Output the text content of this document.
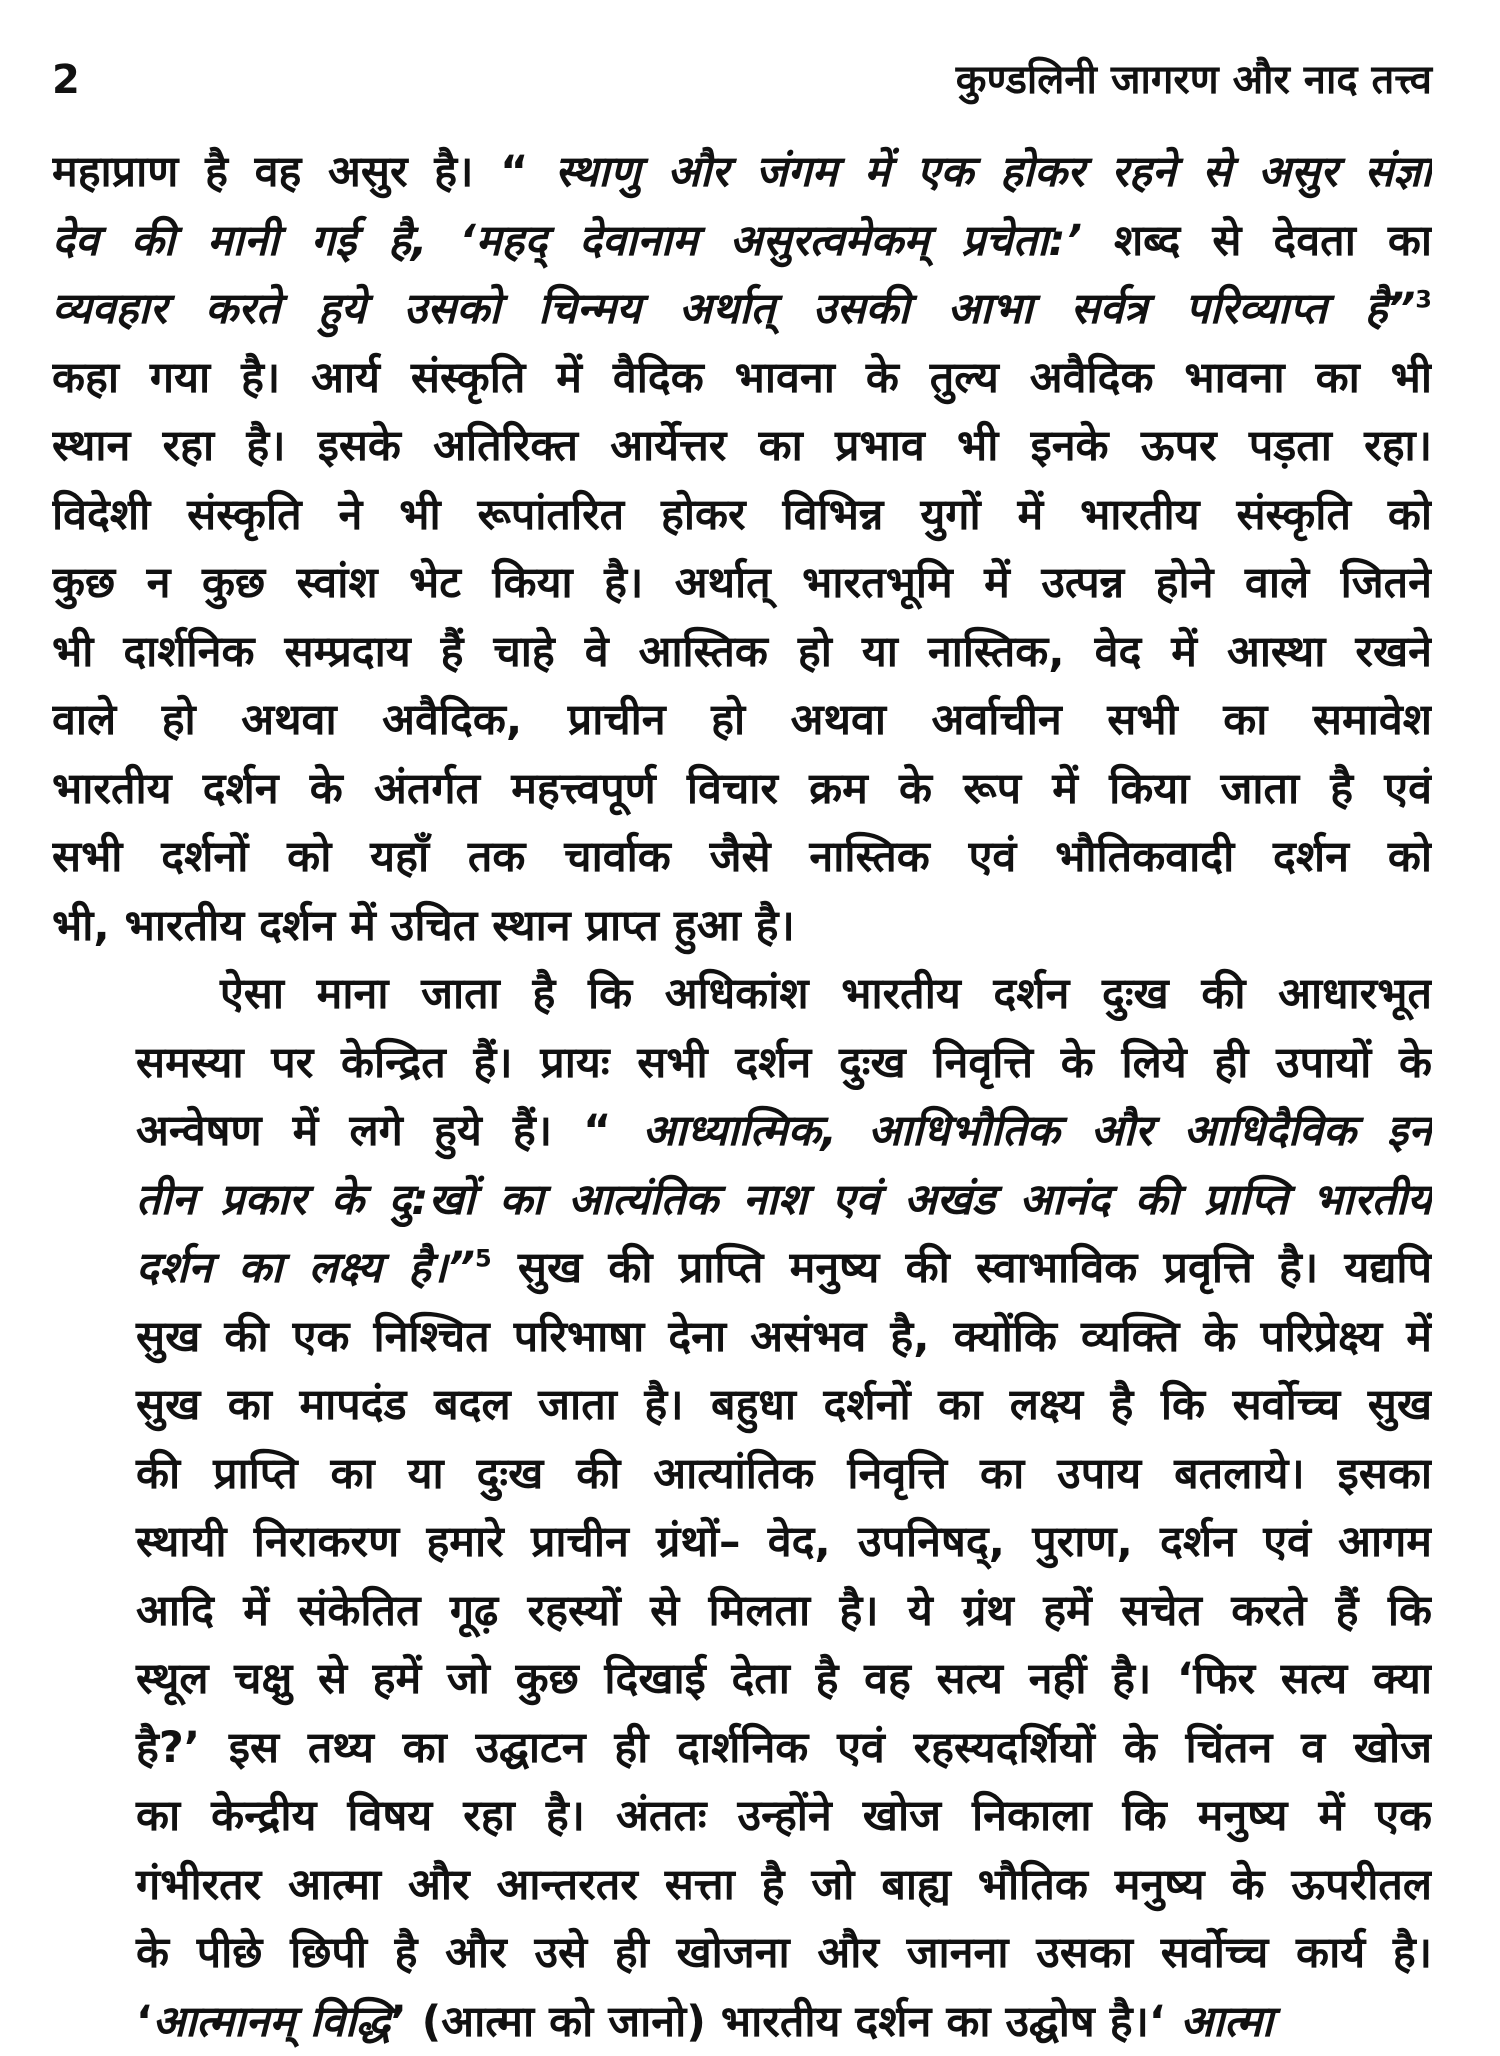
2	कुण्डलिनी जागरण और नाद तत्त्व
महाप्राण है वह असुर है। “ स्थाणु और जंगम में एक होकर रहने से असुर संज्ञा
देव की मानी गई है, ‘महद् देवानाम असुरत्वमेकम् प्रचेता:’ शब्द से देवता का
व्यवहार करते हुये उसको चिन्मय अर्थात् उसकी आभा सर्वत्र परिव्याप्त है”$^3$
कहा गया है। आर्य संस्कृति में वैदिक भावना के तुल्य अवैदिक भावना का भी
स्थान रहा है। इसके अतिरिक्त आर्येत्तर का प्रभाव भी इनके ऊपर पड़ता रहा।
विदेशी संस्कृति ने भी रूपांतरित होकर विभिन्न युगों में भारतीय संस्कृति को
कुछ न कुछ स्वांश भेट किया है। अर्थात् भारतभूमि में उत्पन्न होने वाले जितने
भी दार्शनिक सम्प्रदाय हैं चाहे वे आस्तिक हो या नास्तिक, वेद में आस्था रखने
वाले हो अथवा अवैदिक, प्राचीन हो अथवा अर्वाचीन सभी का समावेश
भारतीय दर्शन के अंतर्गत महत्त्वपूर्ण विचार क्रम के रूप में किया जाता है एवं
सभी दर्शनों को यहाँ तक चार्वाक जैसे नास्तिक एवं भौतिकवादी दर्शन को
भी, भारतीय दर्शन में उचित स्थान प्राप्त हुआ है।
ऐसा माना जाता है कि अधिकांश भारतीय दर्शन दुःख की आधारभूत
समस्या पर केन्द्रित हैं। प्रायः सभी दर्शन दुःख निवृत्ति के लिये ही उपायों के
अन्वेषण में लगे हुये हैं। “ आध्यात्मिक, आधिभौतिक और आधिदैविक इन
तीन प्रकार के दु:खों का आत्यंतिक नाश एवं अखंड आनंद की प्राप्ति भारतीय
दर्शन का लक्ष्य है।”$^5$ सुख की प्राप्ति मनुष्य की स्वाभाविक प्रवृत्ति है। यद्यपि
सुख की एक निश्चित परिभाषा देना असंभव है, क्योंकि व्यक्ति के परिप्रेक्ष्य में
सुख का मापदंड बदल जाता है। बहुधा दर्शनों का लक्ष्य है कि सर्वोच्च सुख
की प्राप्ति का या दुःख की आत्यांतिक निवृत्ति का उपाय बतलाये। इसका
स्थायी निराकरण हमारे प्राचीन ग्रंथों– वेद, उपनिषद्, पुराण, दर्शन एवं आगम
आदि में संकेतित गूढ़ रहस्यों से मिलता है। ये ग्रंथ हमें सचेत करते हैं कि
स्थूल चक्षु से हमें जो कुछ दिखाई देता है वह सत्य नहीं है। ‘फिर सत्य क्या
है?’ इस तथ्य का उद्घाटन ही दार्शनिक एवं रहस्यदर्शियों के चिंतन व खोज
का केन्द्रीय विषय रहा है। अंततः उन्होंने खोज निकाला कि मनुष्य में एक
गंभीरतर आत्मा और आन्तरतर सत्ता है जो बाह्य भौतिक मनुष्य के ऊपरीतल
के पीछे छिपी है और उसे ही खोजना और जानना उसका सर्वोच्च कार्य है।
‘आत्मानम् विद्धि’ (आत्मा को जानो) भारतीय दर्शन का उद्घोष है।‘ आत्मा
